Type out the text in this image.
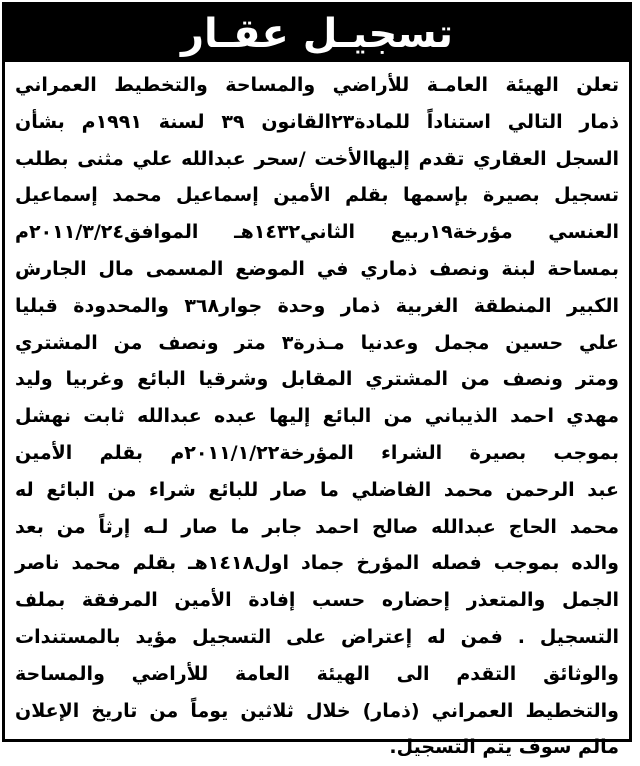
تسجيـل عقـار
تعلن الهيئة العامـة للأراضي والمساحة والتخطيط العمراني
ذمار التالي استناداً للمادة٢٣القانون ٣٩ لسنة ١٩٩١م بشأن
السجل العقاري تقدم إليهاالأخت /سحر عبدالله علي مثنى بطلب
تسجيل بصيرة بإسمها بقلم الأمين إسماعيل محمد إسماعيل
العنسي مؤرخة١٩ربيع الثاني١٤٣٢هـ الموافق٢٠١١/٣/٢٤م
بمساحة لبنة ونصف ذماري في الموضع المسمى مال الجارش
الكبير المنطقة الغربية ذمار وحدة جوار٣٦٨ والمحدودة قبليا
علي حسين مجمل وعدنيا مـذرة٣ متر ونصف من المشتري
ومتر ونصف من المشتري المقابل وشرقيا البائع وغربيا وليد
مهدي احمد الذيباني من البائع إليها عبده عبدالله ثابت نهشل
بموجب بصيرة الشراء المؤرخة٢٠١١/١/٢٢م بقلم الأمين
عبد الرحمن محمد الفاضلي ما صار للبائع شراء من البائع له
محمد الحاج عبدالله صالح احمد جابر ما صار لـه إرثاً من بعد
والده بموجب فصله المؤرخ جماد اول١٤١٨هـ بقلم محمد ناصر
الجمل والمتعذر إحضاره حسب إفادة الأمين المرفقة بملف
التسجيل . فمن له إعتراض على التسجيل مؤيد بالمستندات
والوثائق التقدم الى الهيئة العامة للأراضي والمساحة
والتخطيط العمراني (ذمار) خلال ثلاثين يوماً من تاريخ الإعلان
مالم سوف يتم التسجيل.
